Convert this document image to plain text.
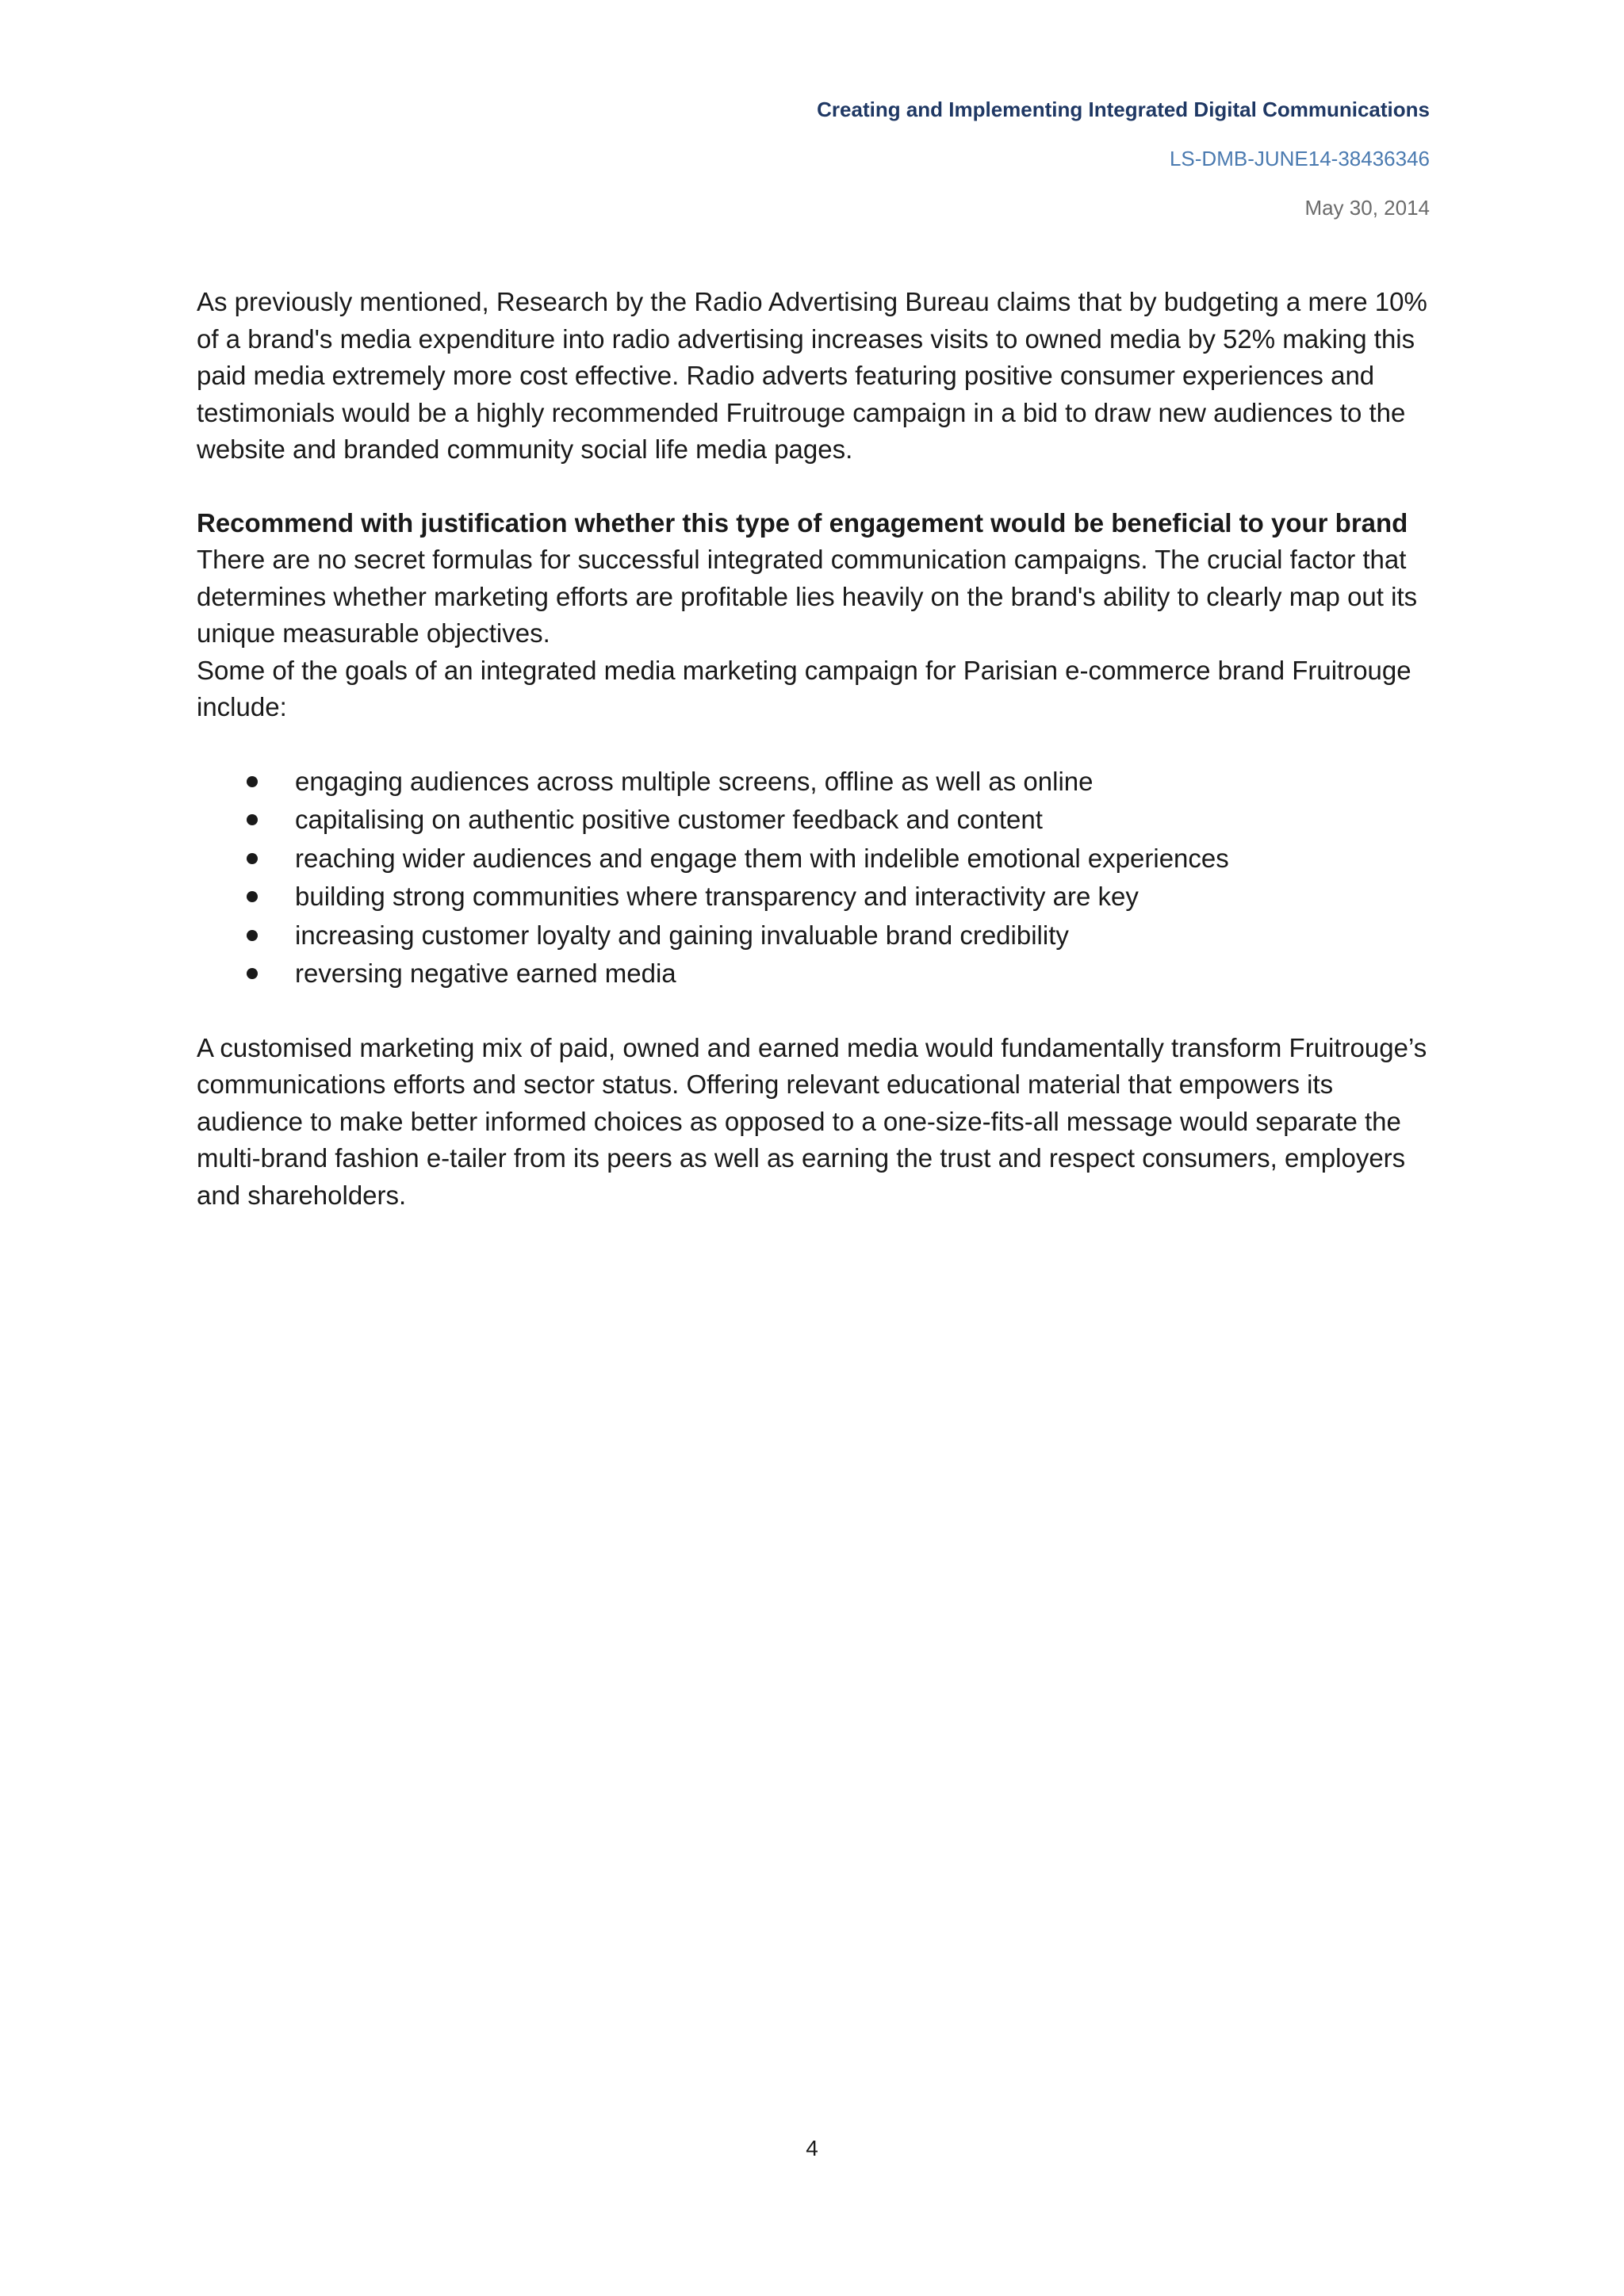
Creating and Implementing Integrated Digital Communications
LS-DMB-JUNE14-38436346
May 30, 2014

As previously mentioned, Research by the Radio Advertising Bureau claims that by budgeting a mere 10% of a brand's media expenditure into radio advertising increases visits to owned media by 52% making this paid media extremely more cost effective. Radio adverts featuring positive consumer experiences and testimonials would be a highly recommended Fruitrouge campaign in a bid to draw new audiences to the website and branded community social life media pages.

Recommend with justification whether this type of engagement would be beneficial to your brand

There are no secret formulas for successful integrated communication campaigns. The crucial factor that determines whether marketing efforts are profitable lies heavily on the brand's ability to clearly map out its unique measurable objectives.

Some of the goals of an integrated media marketing campaign for Parisian e-commerce brand Fruitrouge include:

engaging audiences across multiple screens, offline as well as online
capitalising on authentic positive customer feedback and content
reaching wider audiences and engage them with indelible emotional experiences
building strong communities where transparency and interactivity are key
increasing customer loyalty and gaining invaluable brand credibility
reversing negative earned media

A customised marketing mix of paid, owned and earned media would fundamentally transform Fruitrouge’s communications efforts and sector status. Offering relevant educational material that empowers its audience to make better informed choices as opposed to a one-size-fits-all message would separate the multi-brand fashion e-tailer from its peers as well as earning the trust and respect consumers, employers and shareholders.

4
